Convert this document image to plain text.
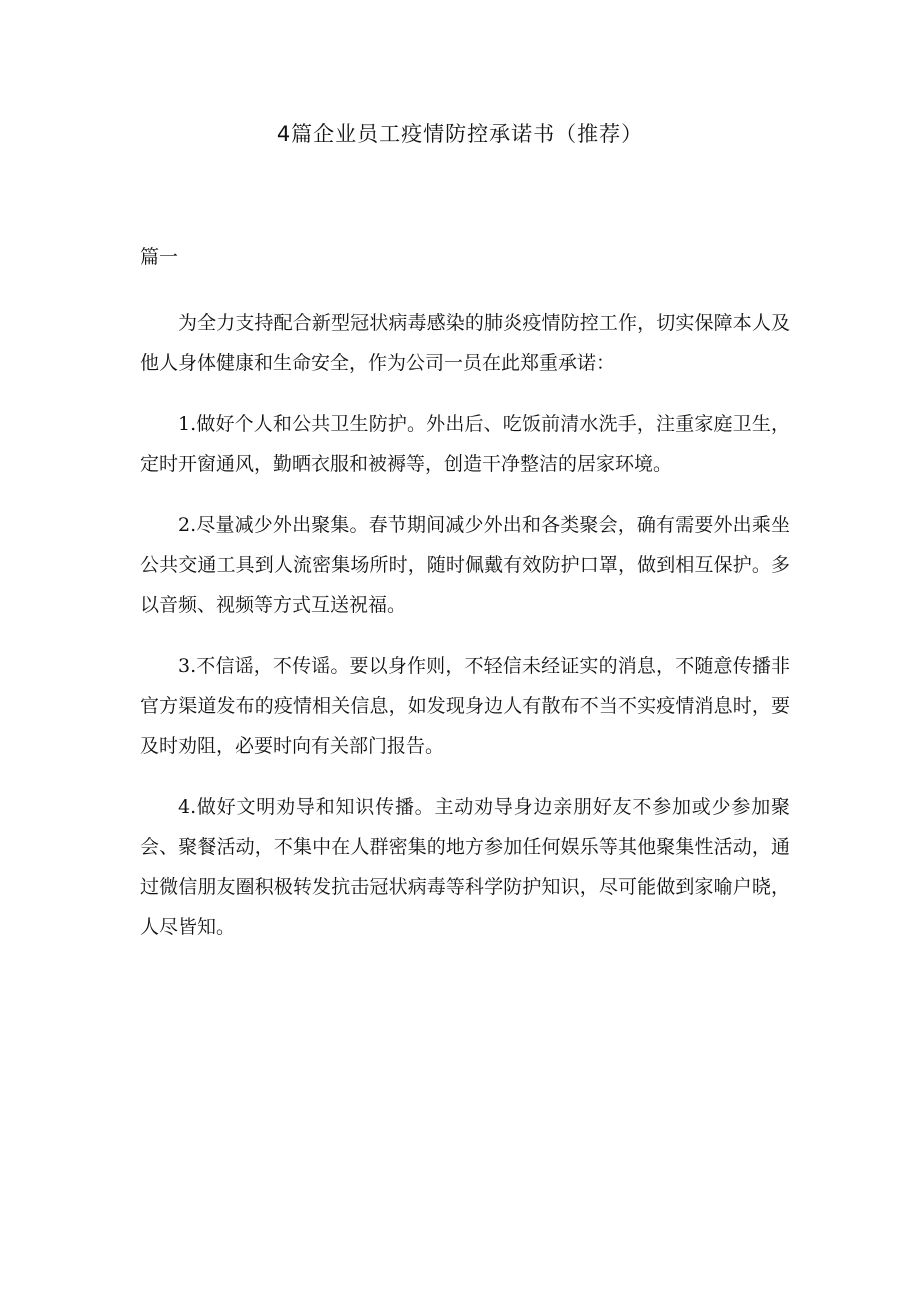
4篇企业员工疫情防控承诺书（推荐）
篇一

为全力支持配合新型冠状病毒感染的肺炎疫情防控工作，切实保障本人及他人身体健康和生命安全，作为公司一员在此郑重承诺：

1.做好个人和公共卫生防护。外出后、吃饭前清水洗手，注重家庭卫生，定时开窗通风，勤晒衣服和被褥等，创造干净整洁的居家环境。

2.尽量减少外出聚集。春节期间减少外出和各类聚会，确有需要外出乘坐公共交通工具到人流密集场所时，随时佩戴有效防护口罩，做到相互保护。多以音频、视频等方式互送祝福。

3.不信谣，不传谣。要以身作则，不轻信未经证实的消息，不随意传播非官方渠道发布的疫情相关信息，如发现身边人有散布不当不实疫情消息时，要及时劝阻，必要时向有关部门报告。

4.做好文明劝导和知识传播。主动劝导身边亲朋好友不参加或少参加聚会、聚餐活动，不集中在人群密集的地方参加任何娱乐等其他聚集性活动，通过微信朋友圈积极转发抗击冠状病毒等科学防护知识，尽可能做到家喻户晓，人尽皆知。
